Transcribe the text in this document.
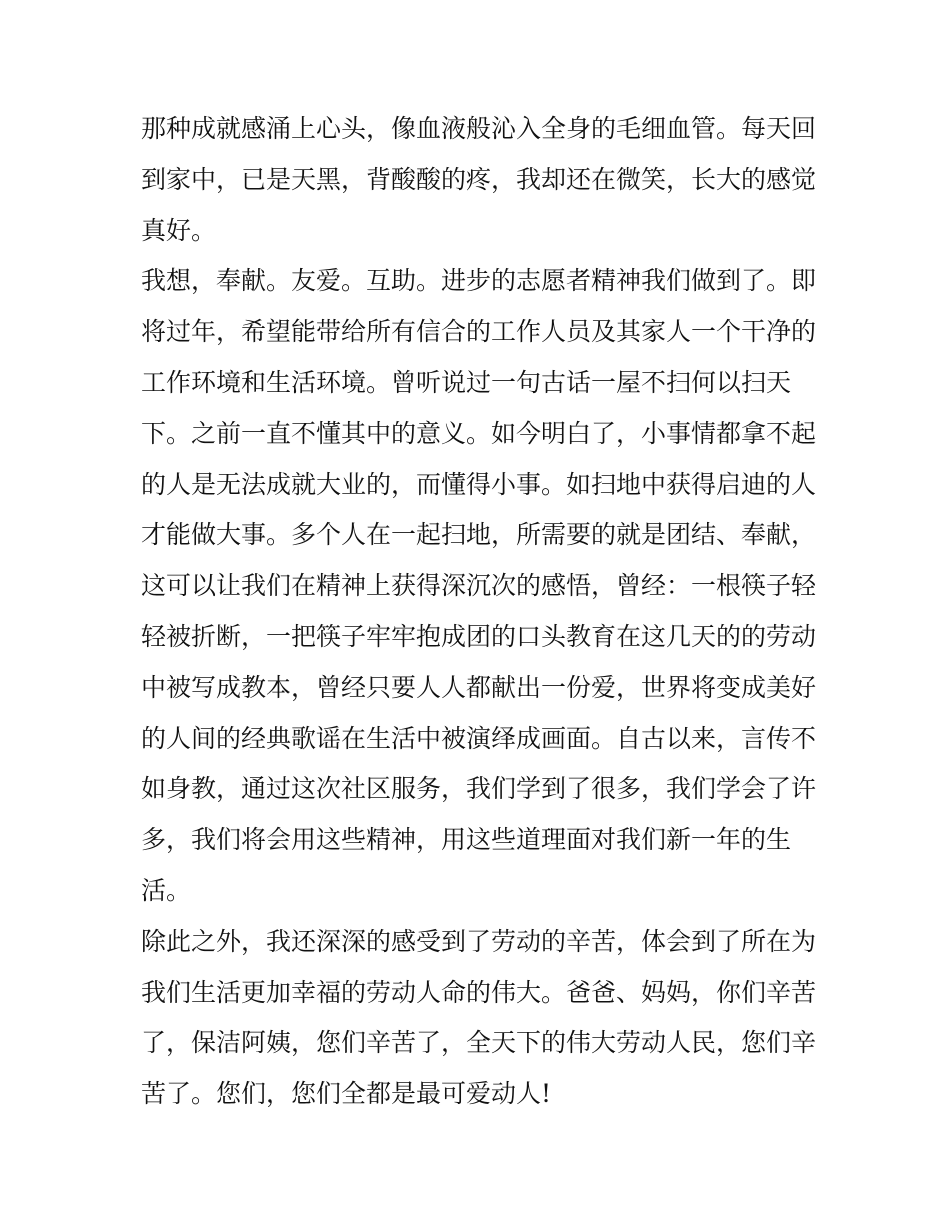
那种成就感涌上心头，像血液般沁入全身的毛细血管。每天回
到家中，已是天黑，背酸酸的疼，我却还在微笑，长大的感觉
真好。
我想，奉献。友爱。互助。进步的志愿者精神我们做到了。即
将过年，希望能带给所有信合的工作人员及其家人一个干净的
工作环境和生活环境。曾听说过一句古话一屋不扫何以扫天
下。之前一直不懂其中的意义。如今明白了，小事情都拿不起
的人是无法成就大业的，而懂得小事。如扫地中获得启迪的人
才能做大事。多个人在一起扫地，所需要的就是团结、奉献，
这可以让我们在精神上获得深沉次的感悟，曾经：一根筷子轻
轻被折断，一把筷子牢牢抱成团的口头教育在这几天的的劳动
中被写成教本，曾经只要人人都献出一份爱，世界将变成美好
的人间的经典歌谣在生活中被演绎成画面。自古以来，言传不
如身教，通过这次社区服务，我们学到了很多，我们学会了许
多，我们将会用这些精神，用这些道理面对我们新一年的生
活。
除此之外，我还深深的感受到了劳动的辛苦，体会到了所在为
我们生活更加幸福的劳动人命的伟大。爸爸、妈妈，你们辛苦
了，保洁阿姨，您们辛苦了，全天下的伟大劳动人民，您们辛
苦了。您们，您们全都是最可爱动人!
